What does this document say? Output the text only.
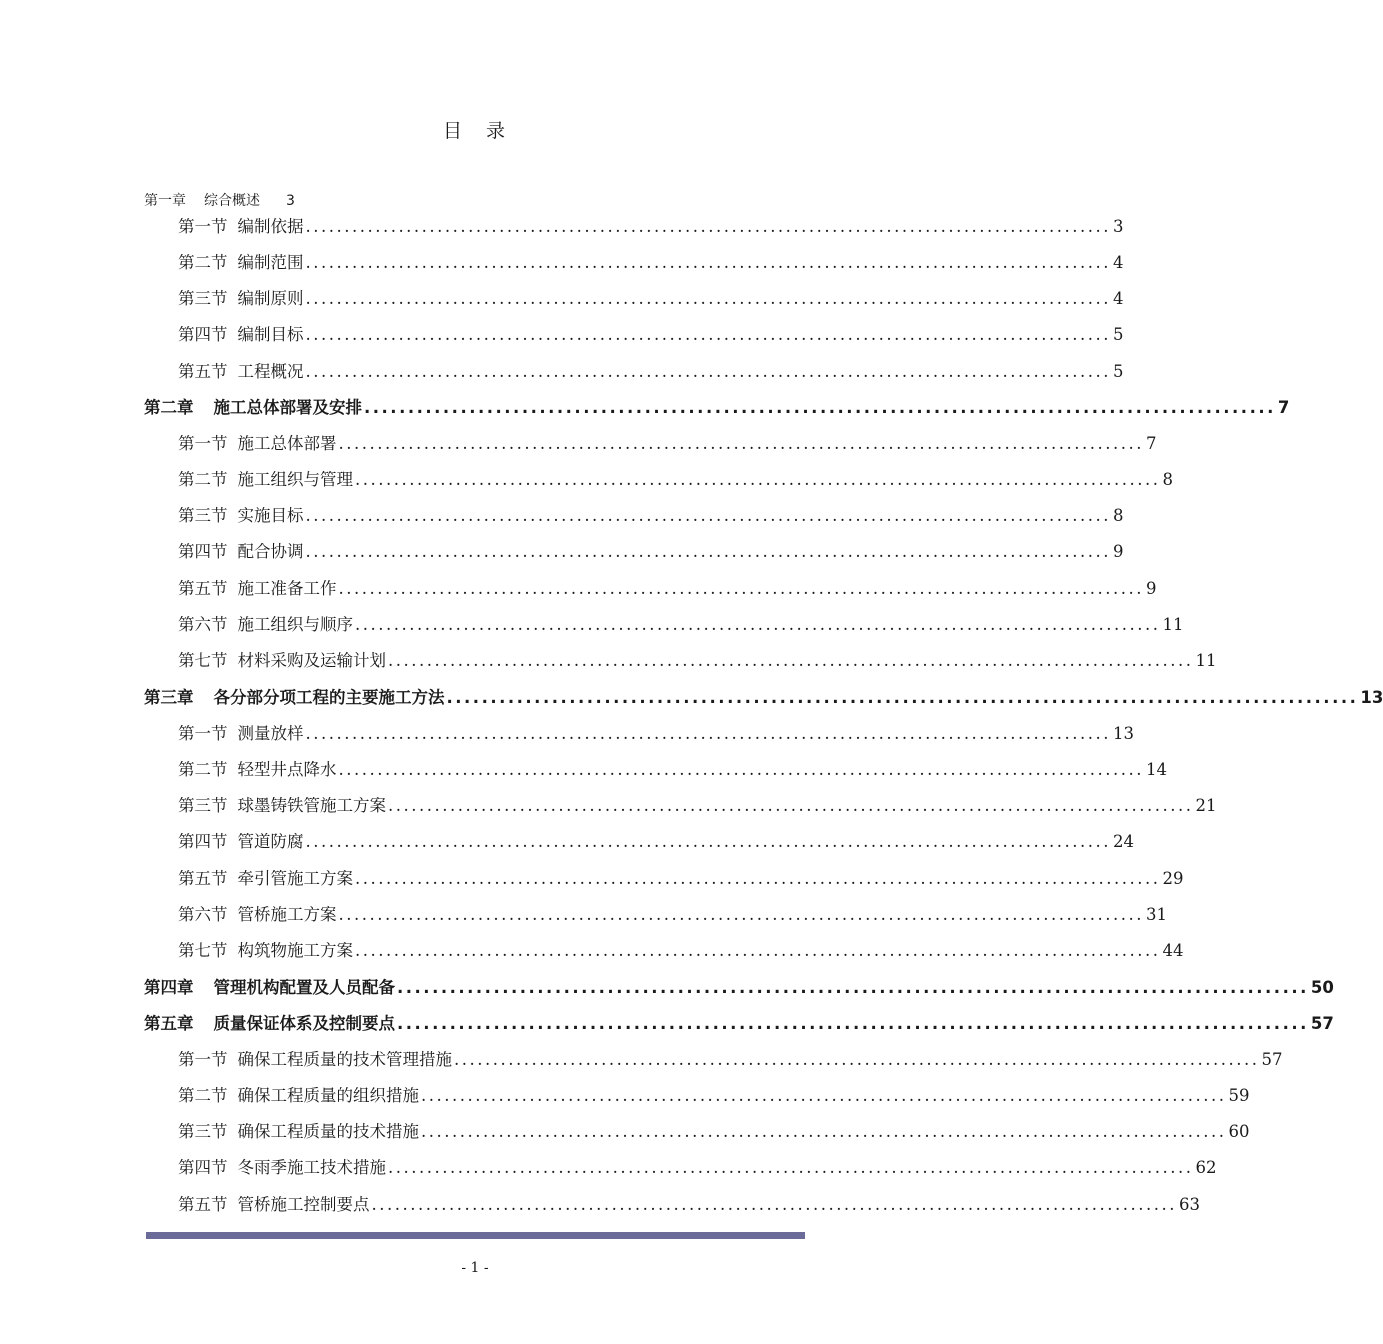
目 录
第一章 综合概述 3
第一节 编制依据 ........................................................................................................ 3
第二节 编制范围 ........................................................................................................ 4
第三节 编制原则 ........................................................................................................ 4
第四节 编制目标 ........................................................................................................ 5
第五节 工程概况 ........................................................................................................ 5
第二章 施工总体部署及安排 ........................................................................................................ 7
第一节 施工总体部署 ........................................................................................................ 7
第二节 施工组织与管理 ........................................................................................................ 8
第三节 实施目标 ........................................................................................................ 8
第四节 配合协调 ........................................................................................................ 9
第五节 施工准备工作 ........................................................................................................ 9
第六节 施工组织与顺序 ........................................................................................................ 11
第七节 材料采购及运输计划 ........................................................................................................ 11
第三章 各分部分项工程的主要施工方法 ........................................................................................................ 13
第一节 测量放样 ........................................................................................................ 13
第二节 轻型井点降水 ........................................................................................................ 14
第三节 球墨铸铁管施工方案 ........................................................................................................ 21
第四节 管道防腐 ........................................................................................................ 24
第五节 牵引管施工方案 ........................................................................................................ 29
第六节 管桥施工方案 ........................................................................................................ 31
第七节 构筑物施工方案 ........................................................................................................ 44
第四章 管理机构配置及人员配备 ........................................................................................................ 50
第五章 质量保证体系及控制要点 ........................................................................................................ 57
第一节 确保工程质量的技术管理措施 ........................................................................................................ 57
第二节 确保工程质量的组织措施 ........................................................................................................ 59
第三节 确保工程质量的技术措施 ........................................................................................................ 60
第四节 冬雨季施工技术措施 ........................................................................................................ 62
第五节 管桥施工控制要点 ........................................................................................................ 63
- 1 -
